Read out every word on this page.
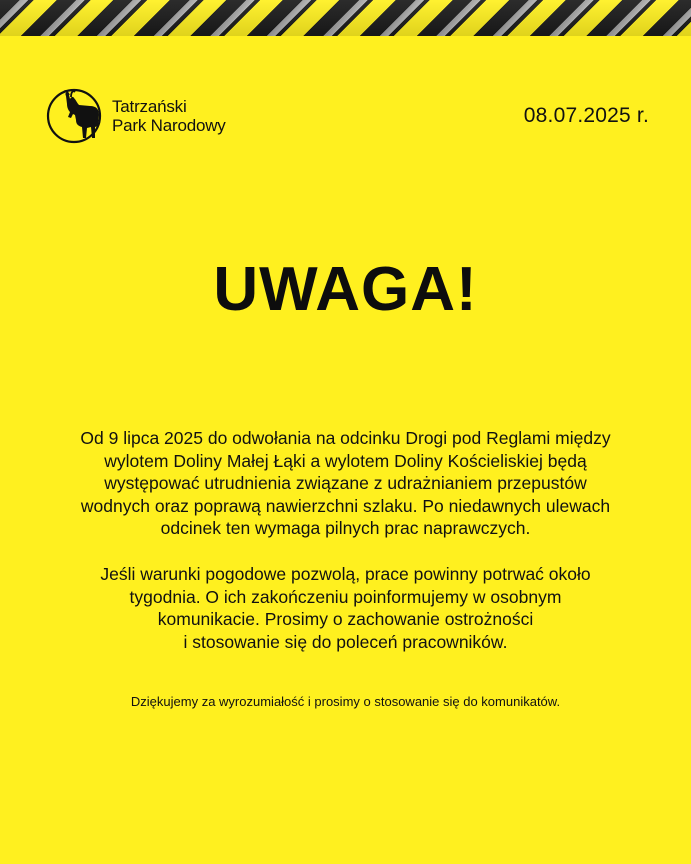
Tatrzański
Park Narodowy	08.07.2025 r.
UWAGA!

Od 9 lipca 2025 do odwołania na odcinku Drogi pod Reglami między
wylotem Doliny Małej Łąki a wylotem Doliny Kościeliskiej będą
występować utrudnienia związane z udrażnianiem przepustów
wodnych oraz poprawą nawierzchni szlaku. Po niedawnych ulewach
odcinek ten wymaga pilnych prac naprawczych.

Jeśli warunki pogodowe pozwolą, prace powinny potrwać około
tygodnia. O ich zakończeniu poinformujemy w osobnym
komunikacie. Prosimy o zachowanie ostrożności
i stosowanie się do poleceń pracowników.

Dziękujemy za wyrozumiałość i prosimy o stosowanie się do komunikatów.
